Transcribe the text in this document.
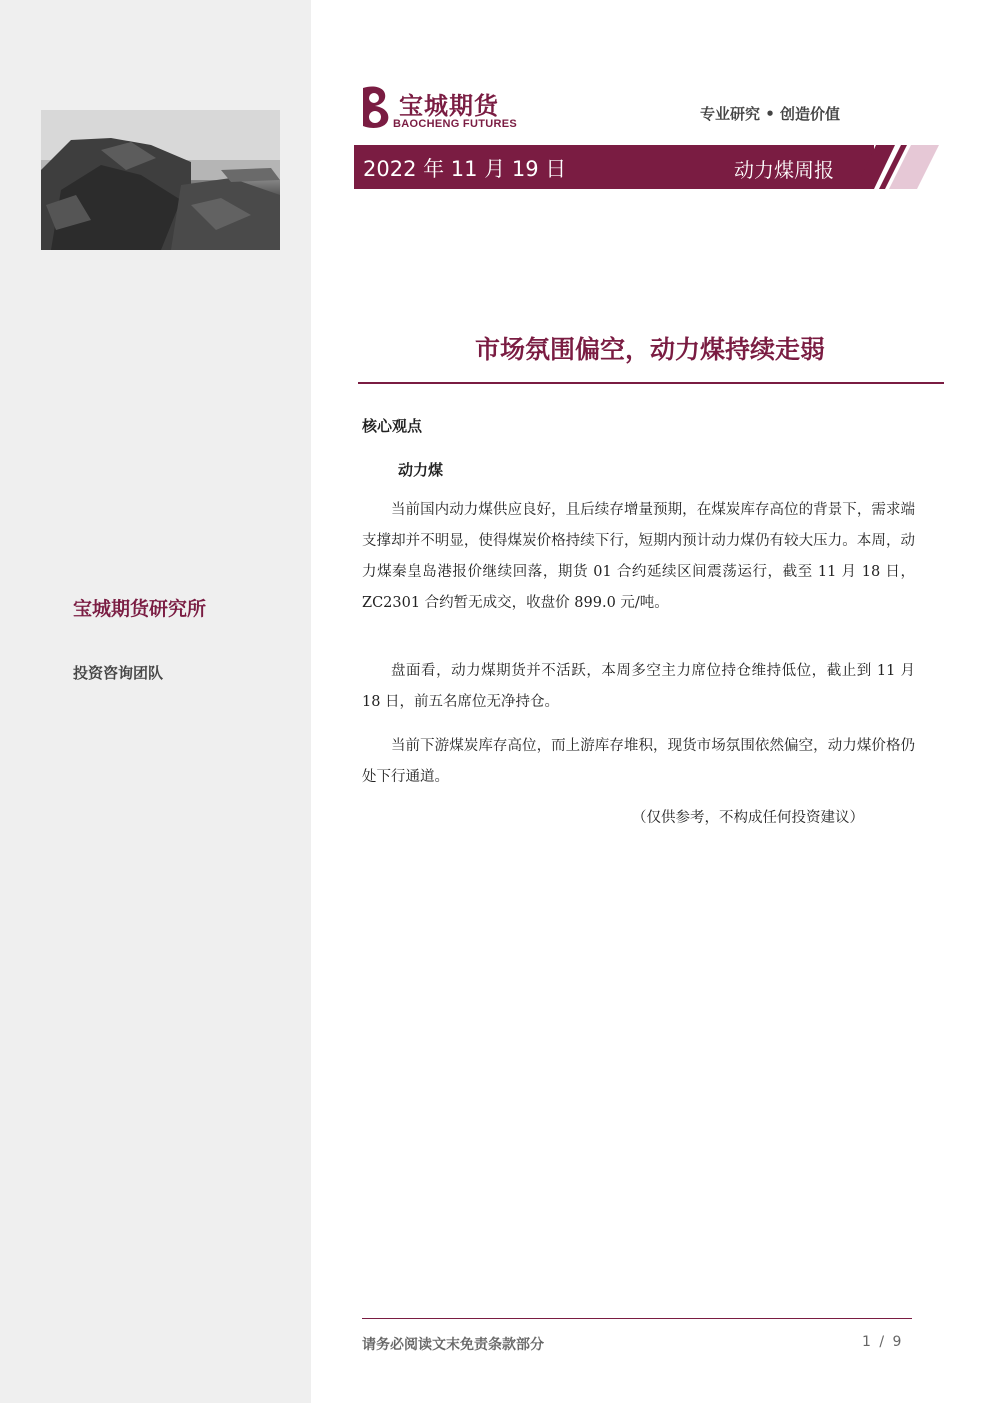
宝城期货研究所
投资咨询团队
宝城期货
BAOCHENG FUTURES
专业研究 • 创造价值
2022 年 11 月 19 日	动力煤周报
市场氛围偏空，动力煤持续走弱
核心观点
动力煤

当前国内动力煤供应良好，且后续存增量预期，在煤炭库存高位的背景下，需求端支撑却并不明显，使得煤炭价格持续下行，短期内预计动力煤仍有较大压力。本周，动力煤秦皇岛港报价继续回落，期货 01 合约延续区间震荡运行，截至 11 月 18 日，ZC2301 合约暂无成交，收盘价 899.0 元/吨。

盘面看，动力煤期货并不活跃，本周多空主力席位持仓维持低位，截止到 11 月 18 日，前五名席位无净持仓。

当前下游煤炭库存高位，而上游库存堆积，现货市场氛围依然偏空，动力煤价格仍处下行通道。

（仅供参考，不构成任何投资建议）
请务必阅读文末免责条款部分	1 / 9
